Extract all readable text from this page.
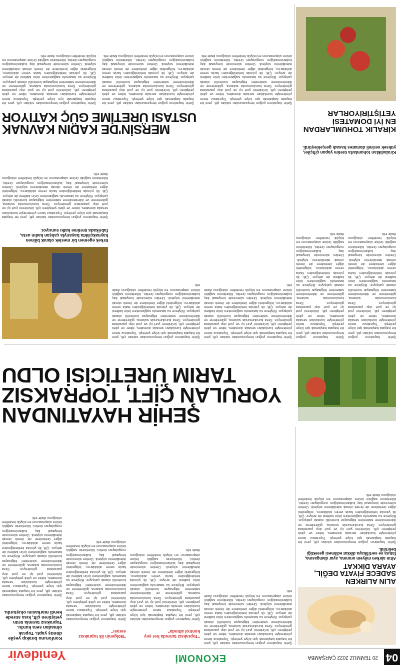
04
20 TEMMUZ 2022 ÇARŞAMBA
EKONOMİ
Yenidevir
ALIN ALIRKEN
SADECE FİYATA DEĞİL,
AYARA DİKKAT
Altın alırken milyem oranına, ayar damgasına, fatura ve sertifikaya dikkat edilmesi gerektiği belirtildi.
Şehir hayatının yoğun temposundan sıkılan çift, yeni bir hayata başlamak için köye yerleşti. Topraksız tarım yöntemiyle kurdukları serada domates, biber ve çilek yetiştiren çift, ürünlerini yurt içi ve yurt dışı pazarlara gönderiyor. Sera kurulumunda sulama, gübreleme ve iklimlendirme sistemleri bilgisayar kontrollü olarak çalışıyor. Böylece su tasarrufu sağlanırken ürün kalitesi de artıyor. Çift, ilk yılında beklediğinden fazla verim aldıklarını, bölgedeki diğer üreticilere de örnek olmak istediklerini söyledi. Üretim sürecinde kimyasal ilaç kullanılmadığını vurgulayan üretici, tüketicinin sağlıklı ürüne ulaşmasının en büyük hedefleri olduğunu ifade etti.
Şehir hayatının yoğun temposundan sıkılan çift, yeni bir hayata başlamak için köye yerleşti. Topraksız tarım yöntemiyle kurdukları serada domates, biber ve çilek yetiştiren çift, ürünlerini yurt içi ve yurt dışı pazarlara gönderiyor. Sera kurulumunda sulama, gübreleme ve iklimlendirme sistemleri bilgisayar kontrollü olarak çalışıyor. Böylece su tasarrufu sağlanırken ürün kalitesi de artıyor. Çift, ilk yılında beklediğinden fazla verim aldıklarını, bölgedeki diğer üreticilere de örnek olmak istediklerini söyledi. Üretim sürecinde kimyasal ilaç kullanılmadığını vurgulayan üretici, tüketicinin sağlıklı ürüne ulaşmasının en büyük hedefleri olduğunu ifade etti.
"Topraksız tarımda her şey kontrol altında"
Şehir hayatının yoğun temposundan sıkılan çift, yeni bir hayata başlamak için köye yerleşti. Topraksız tarım yöntemiyle kurdukları serada domates, biber ve çilek yetiştiren çift, ürünlerini yurt içi ve yurt dışı pazarlara gönderiyor. Sera kurulumunda sulama, gübreleme ve iklimlendirme sistemleri bilgisayar kontrollü olarak çalışıyor. Böylece su tasarrufu sağlanırken ürün kalitesi de artıyor. Çift, ilk yılında beklediğinden fazla verim aldıklarını, bölgedeki diğer üreticilere de örnek olmak istediklerini söyledi. Üretim sürecinde kimyasal ilaç kullanılmadığını vurgulayan üretici, tüketicinin sağlıklı ürüne ulaşmasının en büyük hedefleri olduğunu ifade etti.
"Bölgenin ilk topraksız serası"
Şehir hayatının yoğun temposundan sıkılan çift, yeni bir hayata başlamak için köye yerleşti. Topraksız tarım yöntemiyle kurdukları serada domates, biber ve çilek yetiştiren çift, ürünlerini yurt içi ve yurt dışı pazarlara gönderiyor. Sera kurulumunda sulama, gübreleme ve iklimlendirme sistemleri bilgisayar kontrollü olarak çalışıyor. Böylece su tasarrufu sağlanırken ürün kalitesi de artıyor. Çift, ilk yılında beklediğinden fazla verim aldıklarını, bölgedeki diğer üreticilere de örnek olmak istediklerini söyledi. Üretim sürecinde kimyasal ilaç kullanılmadığını vurgulayan üretici, tüketicinin sağlıklı ürüne ulaşmasının en büyük hedefleri olduğunu ifade etti.
Konforunu bırakıp yeşile dönüş yaptı. Toprak olmadan sera kurdu. Topraksız tarımla ürün yetiştiren çift, kısa sürede kendi markasını oluşturdu.
Şehir hayatının yoğun temposundan sıkılan çift, yeni bir hayata başlamak için köye yerleşti. Topraksız tarım yöntemiyle kurdukları serada domates, biber ve çilek yetiştiren çift, ürünlerini yurt içi ve yurt dışı pazarlara gönderiyor. Sera kurulumunda sulama, gübreleme ve iklimlendirme sistemleri bilgisayar kontrollü olarak çalışıyor. Böylece su tasarrufu sağlanırken ürün kalitesi de artıyor. Çift, ilk yılında beklediğinden fazla verim aldıklarını, bölgedeki diğer üreticilere de örnek olmak istediklerini söyledi. Üretim sürecinde kimyasal ilaç kullanılmadığını vurgulayan üretici, tüketicinin sağlıklı ürüne ulaşmasının en büyük hedefleri olduğunu ifade etti.
ŞEHİR HAYATINDAN
YORULAN ÇİFT, TOPRAKSIZ
TARIM ÜRETİCİSİ OLDU
Şehir hayatının yoğun temposundan sıkılan çift, yeni bir hayata başlamak için köye yerleşti. Topraksız tarım yöntemiyle kurdukları serada domates, biber ve çilek yetiştiren çift, ürünlerini yurt içi ve yurt dışı pazarlara gönderiyor. Sera kurulumunda sulama, gübreleme ve iklimlendirme sistemleri bilgisayar kontrollü olarak çalışıyor. Böylece su tasarrufu sağlanırken ürün kalitesi de artıyor. Çift, ilk yılında beklediğinden fazla verim aldıklarını, bölgedeki diğer üreticilere de örnek olmak istediklerini söyledi. Üretim sürecinde kimyasal ilaç kullanılmadığını vurgulayan üretici, tüketicinin sağlıklı ürüne ulaşmasının en büyük hedefleri olduğunu ifade etti.
Şehir hayatının yoğun temposundan sıkılan çift, yeni bir hayata başlamak için köye yerleşti. Topraksız tarım yöntemiyle kurdukları serada domates, biber ve çilek yetiştiren çift, ürünlerini yurt içi ve yurt dışı pazarlara gönderiyor. Sera kurulumunda sulama, gübreleme ve iklimlendirme sistemleri bilgisayar kontrollü olarak çalışıyor. Böylece su tasarrufu sağlanırken ürün kalitesi de artıyor. Çift, ilk yılında beklediğinden fazla verim aldıklarını, bölgedeki diğer üreticilere de örnek olmak istediklerini söyledi. Üretim sürecinde kimyasal ilaç kullanılmadığını vurgulayan üretici, tüketicinin sağlıklı ürüne ulaşmasının en büyük hedefleri olduğunu ifade etti.
Erkek egemen bir meslek olarak bilinen kaynakçılıkta başarıyla çalışan kadın usta, fabrikada üretime katkı sunuyor.
Şehir hayatının yoğun temposundan sıkılan çift, yeni bir hayata başlamak için köye yerleşti. Topraksız tarım yöntemiyle kurdukları serada domates, biber ve çilek yetiştiren çift, ürünlerini yurt içi ve yurt dışı pazarlara gönderiyor. Sera kurulumunda sulama, gübreleme ve iklimlendirme sistemleri bilgisayar kontrollü olarak çalışıyor. Böylece su tasarrufu sağlanırken ürün kalitesi de artıyor. Çift, ilk yılında beklediğinden fazla verim aldıklarını, bölgedeki diğer üreticilere de örnek olmak istediklerini söyledi. Üretim sürecinde kimyasal ilaç kullanılmadığını vurgulayan üretici, tüketicinin sağlıklı ürüne ulaşmasının en büyük hedefleri olduğunu ifade etti.
MERSİN'DE KADIN KAVNAK
USTASI ÜRETİME GÜÇ KATIYOR
Şehir hayatının yoğun temposundan sıkılan çift, yeni bir hayata başlamak için köye yerleşti. Topraksız tarım yöntemiyle kurdukları serada domates, biber ve çilek yetiştiren çift, ürünlerini yurt içi ve yurt dışı pazarlara gönderiyor. Sera kurulumunda sulama, gübreleme ve iklimlendirme sistemleri bilgisayar kontrollü olarak çalışıyor. Böylece su tasarrufu sağlanırken ürün kalitesi de artıyor. Çift, ilk yılında beklediğinden fazla verim aldıklarını, bölgedeki diğer üreticilere de örnek olmak istediklerini söyledi. Üretim sürecinde kimyasal ilaç kullanılmadığını vurgulayan üretici, tüketicinin sağlıklı ürüne ulaşmasının en büyük hedefleri olduğunu ifade etti.
Şehir hayatının yoğun temposundan sıkılan çift, yeni bir hayata başlamak için köye yerleşti. Topraksız tarım yöntemiyle kurdukları serada domates, biber ve çilek yetiştiren çift, ürünlerini yurt içi ve yurt dışı pazarlara gönderiyor. Sera kurulumunda sulama, gübreleme ve iklimlendirme sistemleri bilgisayar kontrollü olarak çalışıyor. Böylece su tasarrufu sağlanırken ürün kalitesi de artıyor. Çift, ilk yılında beklediğinden fazla verim aldıklarını, bölgedeki diğer üreticilere de örnek olmak istediklerini söyledi. Üretim sürecinde kimyasal ilaç kullanılmadığını vurgulayan üretici, tüketicinin sağlıklı ürüne ulaşmasının en büyük hedefleri olduğunu ifade etti.
Kiraladıkları tohumlarla üretim yapan çiftçiler, yüksek verimli domates hasadı gerçekleştirdi.
KİRALIK TOHUMLARDAN
EN İYİ DOMATESİ
YETİŞTİRİYORLAR
Şehir hayatının yoğun temposundan sıkılan çift, yeni bir hayata başlamak için köye yerleşti. Topraksız tarım yöntemiyle kurdukları serada domates, biber ve çilek yetiştiren çift, ürünlerini yurt içi ve yurt dışı pazarlara gönderiyor. Sera kurulumunda sulama, gübreleme ve iklimlendirme sistemleri bilgisayar kontrollü olarak çalışıyor. Böylece su tasarrufu sağlanırken ürün kalitesi de artıyor. Çift, ilk yılında beklediğinden fazla verim aldıklarını, bölgedeki diğer üreticilere de örnek olmak istediklerini söyledi. Üretim sürecinde kimyasal ilaç kullanılmadığını vurgulayan üretici, tüketicinin sağlıklı ürüne ulaşmasının en büyük hedefleri olduğunu ifade etti.
Şehir hayatının yoğun temposundan sıkılan çift, yeni bir hayata başlamak için köye yerleşti. Topraksız tarım yöntemiyle kurdukları serada domates, biber ve çilek yetiştiren çift, ürünlerini yurt içi ve yurt dışı pazarlara gönderiyor. Sera kurulumunda sulama, gübreleme ve iklimlendirme sistemleri bilgisayar kontrollü olarak çalışıyor. Böylece su tasarrufu sağlanırken ürün kalitesi de artıyor. Çift, ilk yılında beklediğinden fazla verim aldıklarını, bölgedeki diğer üreticilere de örnek olmak istediklerini söyledi. Üretim sürecinde kimyasal ilaç kullanılmadığını vurgulayan üretici, tüketicinin sağlıklı ürüne ulaşmasının en büyük hedefleri olduğunu ifade etti.
Şehir hayatının yoğun temposundan sıkılan çift, yeni bir hayata başlamak için köye yerleşti. Topraksız tarım yöntemiyle kurdukları serada domates, biber ve çilek yetiştiren çift, ürünlerini yurt içi ve yurt dışı pazarlara gönderiyor. Sera kurulumunda sulama, gübreleme ve iklimlendirme sistemleri bilgisayar kontrollü olarak çalışıyor. Böylece su tasarrufu sağlanırken ürün kalitesi de artıyor. Çift, ilk yılında beklediğinden fazla verim aldıklarını, bölgedeki diğer üreticilere de örnek olmak istediklerini söyledi. Üretim sürecinde kimyasal ilaç kullanılmadığını vurgulayan üretici, tüketicinin sağlıklı ürüne ulaşmasının en büyük hedefleri olduğunu ifade etti.
